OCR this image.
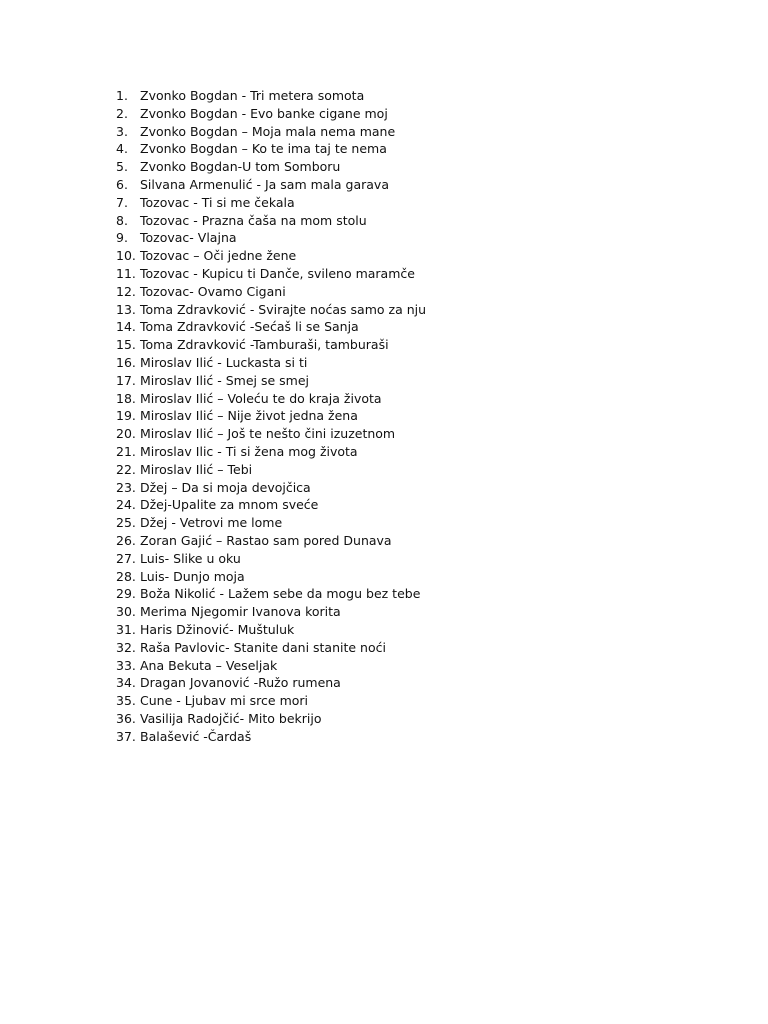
1. Zvonko Bogdan - Tri metera somota
2. Zvonko Bogdan - Evo banke cigane moj
3. Zvonko Bogdan – Moja mala nema mane
4. Zvonko Bogdan – Ko te ima taj te nema
5. Zvonko Bogdan-U tom Somboru
6. Silvana Armenulić - Ja sam mala garava
7. Tozovac - Ti si me čekala
8. Tozovac - Prazna čaša na mom stolu
9. Tozovac- Vlajna
10. Tozovac – Oči jedne žene
11. Tozovac - Kupicu ti Danče, svileno maramče
12. Tozovac- Ovamo Cigani
13. Toma Zdravković - Svirajte noćas samo za nju
14. Toma Zdravković -Sećaš li se Sanja
15. Toma Zdravković -Tamburaši, tamburaši
16. Miroslav Ilić - Luckasta si ti
17. Miroslav Ilić - Smej se smej
18. Miroslav Ilić – Voleću te do kraja života
19. Miroslav Ilić – Nije život jedna žena
20. Miroslav Ilić – Još te nešto čini izuzetnom
21. Miroslav Ilic - Ti si žena mog života
22. Miroslav Ilić – Tebi
23. Džej – Da si moja devojčica
24. Džej-Upalite za mnom sveće
25. Džej - Vetrovi me lome
26. Zoran Gajić – Rastao sam pored Dunava
27. Luis- Slike u oku
28. Luis- Dunjo moja
29. Boža Nikolić - Lažem sebe da mogu bez tebe
30. Merima Njegomir Ivanova korita
31. Haris Džinović- Muštuluk
32. Raša Pavlovic- Stanite dani stanite noći
33. Ana Bekuta – Veseljak
34. Dragan Jovanović -Ružo rumena
35. Cune - Ljubav mi srce mori
36. Vasilija Radojčić- Mito bekrijo
37. Balašević -Čardaš
